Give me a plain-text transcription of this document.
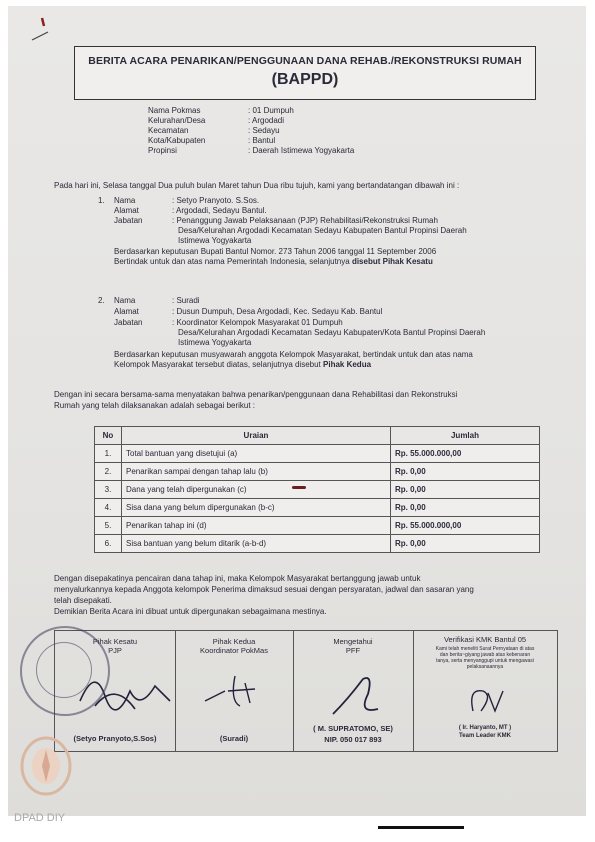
BERITA ACARA PENARIKAN/PENGGUNAAN DANA REHAB./REKONSTRUKSI RUMAH
(BAPPD)
Nama Pokmas	: 01 Dumpuh
Kelurahan/Desa	: Argodadi
Kecamatan	: Sedayu
Kota/Kabupaten	: Bantul
Propinsi	: Daerah Istimewa Yogyakarta
Pada hari ini, Selasa tanggal Dua puluh bulan Maret tahun Dua ribu tujuh, kami yang bertandatangan dibawah ini :
1. Nama	: Setyo Pranyoto. S.Sos.
Alamat	: Argodadi, Sedayu Bantul.
Jabatan	: Penanggung Jawab Pelaksanaan (PJP) Rehabilitasi/Rekonstruksi Rumah
Desa/Kelurahan Argodadi Kecamatan Sedayu Kabupaten Bantul Propinsi Daerah
Istimewa Yogyakarta
Berdasarkan keputusan Bupati Bantul Nomor. 273 Tahun 2006 tanggal 11 September 2006
Bertindak untuk dan atas nama Pemerintah Indonesia, selanjutnya disebut Pihak Kesatu
2. Nama	: Suradi
Alamat	: Dusun Dumpuh, Desa Argodadi, Kec. Sedayu Kab. Bantul
Jabatan	: Koordinator Kelompok Masyarakat 01 Dumpuh
Desa/Kelurahan Argodadi Kecamatan Sedayu Kabupaten/Kota Bantul Propinsi Daerah
Istimewa Yogyakarta
Berdasarkan keputusan musyawarah anggota Kelompok Masyarakat, bertindak untuk dan atas nama
Kelompok Masyarakat tersebut diatas, selanjutnya disebut Pihak Kedua
Dengan ini secara bersama-sama menyatakan bahwa penarikan/penggunaan dana Rehabilitasi dan Rekonstruksi
Rumah yang telah dilaksanakan adalah sebagai berikut :
No	Uraian	Jumlah
1.	Total bantuan yang disetujui (a)	Rp. 55.000.000,00
2.	Penarikan sampai dengan tahap lalu (b)	Rp. 0,00
3.	Dana yang telah dipergunakan (c)	Rp. 0,00
4.	Sisa dana yang belum dipergunakan (b-c)	Rp. 0,00
5.	Penarikan tahap ini (d)	Rp. 55.000.000,00
6.	Sisa bantuan yang belum ditarik (a-b-d)	Rp. 0,00
Dengan disepakatinya pencairan dana tahap ini, maka Kelompok Masyarakat bertanggung jawab untuk
menyalurkannya kepada Anggota kelompok Penerima dimaksud sesuai dengan persyaratan, jadwal dan sasaran yang
telah disepakati.
Demikian Berita Acara ini dibuat untuk dipergunakan sebagaimana mestinya.
Pihak Kesatu
PJP
(Setyo Pranyoto,S.Sos)
Pihak Kedua
Koordinator PokMas
(Suradi)
Mengetahui
PFF
( M. SUPRATOMO, SE)
NIP. 050 017 893
Verifikasi KMK Bantul 05
Kami telah meneliti Surat Pernyataan di atas
dan berita~giyang jawab atas kebenaran
tanya, serta menyanggupi untuk mengawasi
pelaksanaannya
( Ir. Haryanto, MT )
Team Leader KMK
DPAD DIY
